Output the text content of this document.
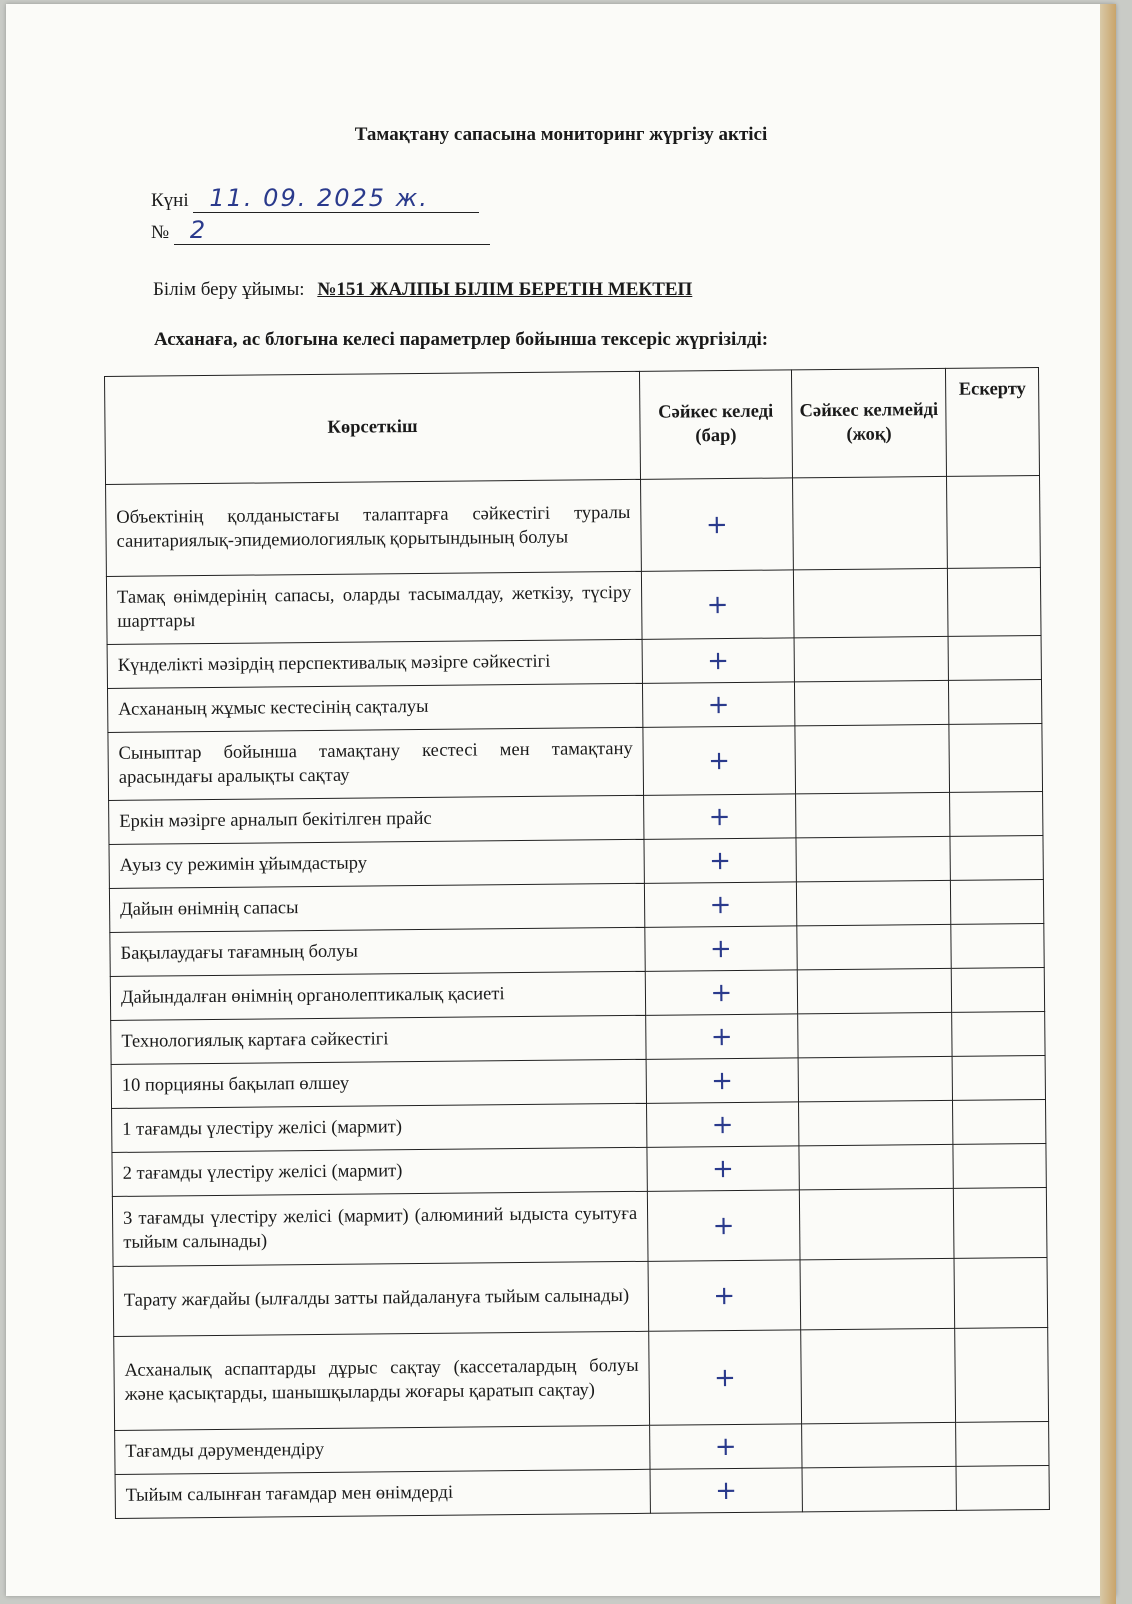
Тамақтану сапасына мониторинг жүргізу актісі
Күні 11. 09. 2025 ж.
№ 2
Білім беру ұйымы: №151 ЖАЛПЫ БІЛІМ БЕРЕТІН МЕКТЕП
Асханаға, ас блогына келесі параметрлер бойынша тексеріс жүргізілді:
Көрсеткіш	Сәйкес келеді (бар)	Сәйкес келмейді (жоқ)	Ескерту
Объектінің қолданыстағы талаптарға сәйкестігі туралы санитариялық-эпидемиологиялық қорытындының болуы	+		
Тамақ өнімдерінің сапасы, оларды тасымалдау, жеткізу, түсіру шарттары	+		
Күнделікті мәзірдің перспективалық мәзірге сәйкестігі	+		
Асхананың жұмыс кестесінің сақталуы	+		
Сыныптар бойынша тамақтану кестесі мен тамақтану арасындағы аралықты сақтау	+		
Еркін мәзірге арналып бекітілген прайс	+		
Ауыз су режимін ұйымдастыру	+		
Дайын өнімнің сапасы	+		
Бақылаудағы тағамның болуы	+		
Дайындалған өнімнің органолептикалық қасиеті	+		
Технологиялық картаға сәйкестігі	+		
10 порцияны бақылап өлшеу	+		
1 тағамды үлестіру желісі (мармит)	+		
2 тағамды үлестіру желісі (мармит)	+		
3 тағамды үлестіру желісі (мармит) (алюминий ыдыста суытуға тыйым салынады)	+		
Тарату жағдайы (ылғалды затты пайдалануға тыйым салынады)	+		
Асханалық аспаптарды дұрыс сақтау (кассеталардың болуы және қасықтарды, шанышқыларды жоғары қаратып сақтау)	+		
Тағамды дәрумендендіру	+		
Тыйым салынған тағамдар мен өнімдерді	+		
